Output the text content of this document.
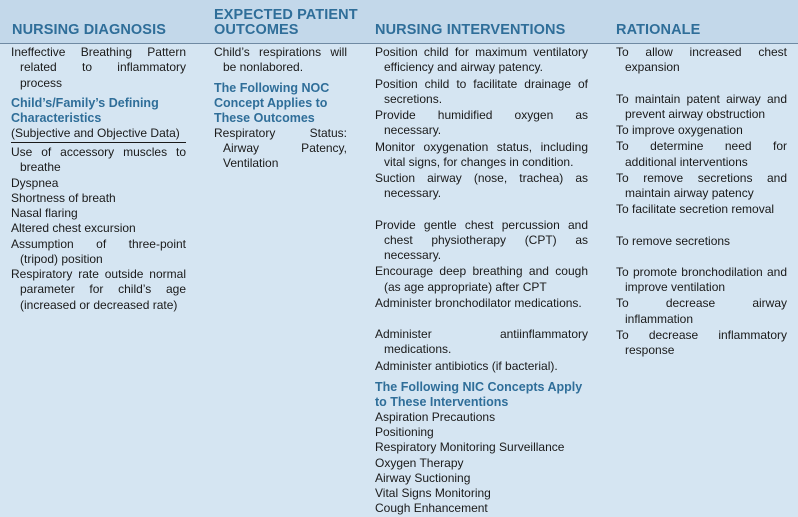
NURSING DIAGNOSIS
EXPECTED PATIENT
OUTCOMES	NURSING INTERVENTIONS	RATIONALE
Ineffective Breathing Pattern related to inflammatory process
Child’s/Family’s Defining Characteristics
(Subjective and Objective Data)
Use of accessory muscles to breathe
Dyspnea
Shortness of breath
Nasal flaring
Altered chest excursion
Assumption of three-point (tripod) position
Respiratory rate outside normal parameter for child’s age (increased or decreased rate)
Child’s respirations will be nonlabored.
The Following NOC Concept Applies to These Outcomes
Respiratory Status: Airway Patency, Ventilation
Position child for maximum ventilatory efficiency and airway patency.
Position child to facilitate drainage of secretions.
Provide humidified oxygen as necessary.
Monitor oxygenation status, including vital signs, for changes in condition.
Suction airway (nose, trachea) as necessary.
Provide gentle chest percussion and chest physiotherapy (CPT) as necessary.
Encourage deep breathing and cough (as age appropriate) after CPT
Administer bronchodilator medications.
Administer antiinflammatory medications.
Administer antibiotics (if bacterial).
The Following NIC Concepts Apply to These Interventions
Aspiration Precautions
Positioning
Respiratory Monitoring Surveillance
Oxygen Therapy
Airway Suctioning
Vital Signs Monitoring
Cough Enhancement
To allow increased chest expansion
To maintain patent airway and prevent airway obstruction
To improve oxygenation
To determine need for additional interventions
To remove secretions and maintain airway patency
To facilitate secretion removal
To remove secretions
To promote bronchodilation and improve ventilation
To decrease airway inflammation
To decrease inflammatory response
